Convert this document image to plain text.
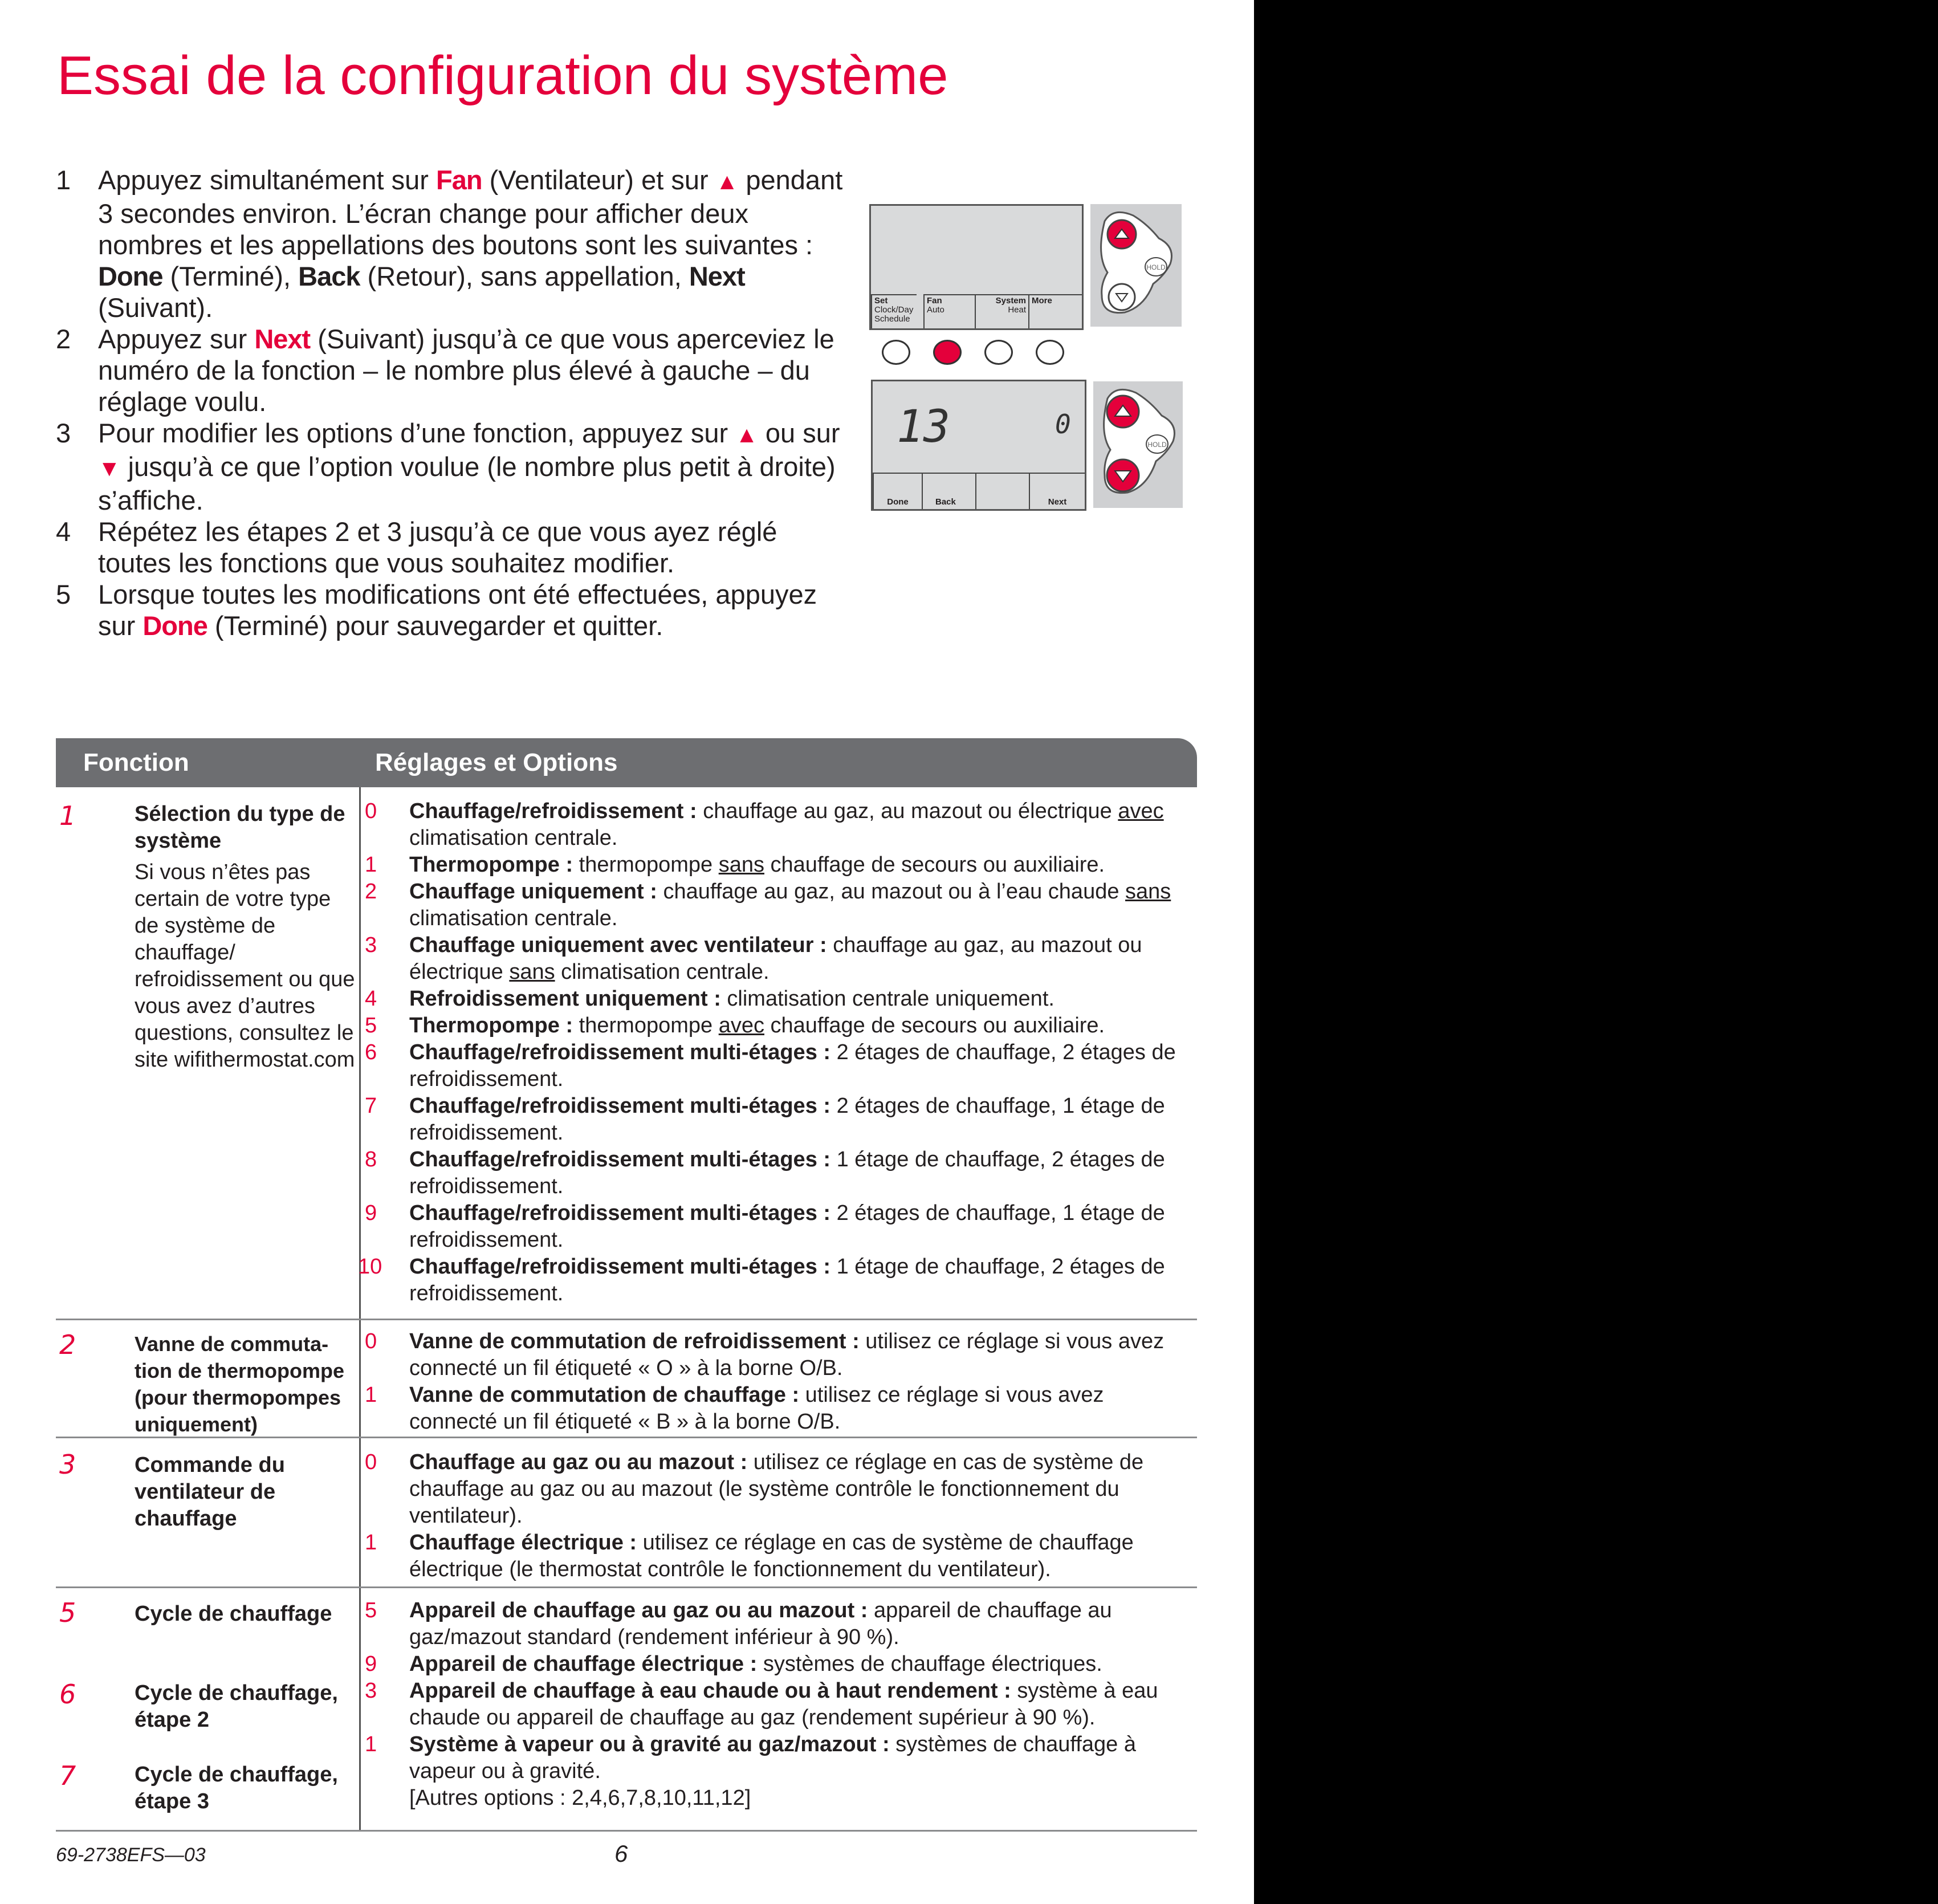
Essai de la configuration du système
1 Appuyez simultanément sur Fan (Ventilateur) et sur ▲ pendant 3 secondes environ. L’écran change pour afficher deux nombres et les appellations des boutons sont les suivantes : Done (Terminé), Back (Retour), sans appellation, Next (Suivant).
2 Appuyez sur Next (Suivant) jusqu’à ce que vous aperceviez le numéro de la fonction – le nombre plus élevé à gauche – du réglage voulu.
3 Pour modifier les options d’une fonction, appuyez sur ▲ ou sur ▼ jusqu’à ce que l’option voulue (le nombre plus petit à droite) s’affiche.
4 Répétez les étapes 2 et 3 jusqu’à ce que vous ayez réglé toutes les fonctions que vous souhaitez modifier.
5 Lorsque toutes les modifications ont été effectuées, appuyez sur Done (Terminé) pour sauvegarder et quitter.
Set
Clock/Day
Schedule
Fan
Auto
System
Heat
More
HOLD
13	0
Done	Back	Next
HOLD
Fonction	Réglages et Options
1	Sélection du type de système
Si vous n’êtes pas certain de votre type de système de chauffage/ refroidissement ou que vous avez d’autres questions, consultez le site wifithermostat.com
0 Chauffage/refroidissement : chauffage au gaz, au mazout ou électrique avec climatisation centrale.
1 Thermopompe : thermopompe sans chauffage de secours ou auxiliaire.
2 Chauffage uniquement : chauffage au gaz, au mazout ou à l’eau chaude sans climatisation centrale.
3 Chauffage uniquement avec ventilateur : chauffage au gaz, au mazout ou électrique sans climatisation centrale.
4 Refroidissement uniquement : climatisation centrale uniquement.
5 Thermopompe : thermopompe avec chauffage de secours ou auxiliaire.
6 Chauffage/refroidissement multi-étages : 2 étages de chauffage, 2 étages de refroidissement.
7 Chauffage/refroidissement multi-étages : 2 étages de chauffage, 1 étage de refroidissement.
8 Chauffage/refroidissement multi-étages : 1 étage de chauffage, 2 étages de refroidissement.
9 Chauffage/refroidissement multi-étages : 2 étages de chauffage, 1 étage de refroidissement.
10 Chauffage/refroidissement multi-étages : 1 étage de chauffage, 2 étages de refroidissement.
2	Vanne de commuta-tion de thermopompe (pour thermopompes uniquement)
0 Vanne de commutation de refroidissement : utilisez ce réglage si vous avez connecté un fil étiqueté « O » à la borne O/B.
1 Vanne de commutation de chauffage : utilisez ce réglage si vous avez connecté un fil étiqueté « B » à la borne O/B.
3	Commande du ventilateur de chauffage
0 Chauffage au gaz ou au mazout : utilisez ce réglage en cas de système de chauffage au gaz ou au mazout (le système contrôle le fonctionnement du ventilateur).
1 Chauffage électrique : utilisez ce réglage en cas de système de chauffage électrique (le thermostat contrôle le fonctionnement du ventilateur).
5	Cycle de chauffage
6	Cycle de chauffage, étape 2
7	Cycle de chauffage, étape 3
5 Appareil de chauffage au gaz ou au mazout : appareil de chauffage au gaz/mazout standard (rendement inférieur à 90 %).
9 Appareil de chauffage électrique : systèmes de chauffage électriques.
3 Appareil de chauffage à eau chaude ou à haut rendement : système à eau chaude ou appareil de chauffage au gaz (rendement supérieur à 90 %).
1 Système à vapeur ou à gravité au gaz/mazout : systèmes de chauffage à vapeur ou à gravité.
[Autres options : 2,4,6,7,8,10,11,12]
69-2738EFS—03	6
